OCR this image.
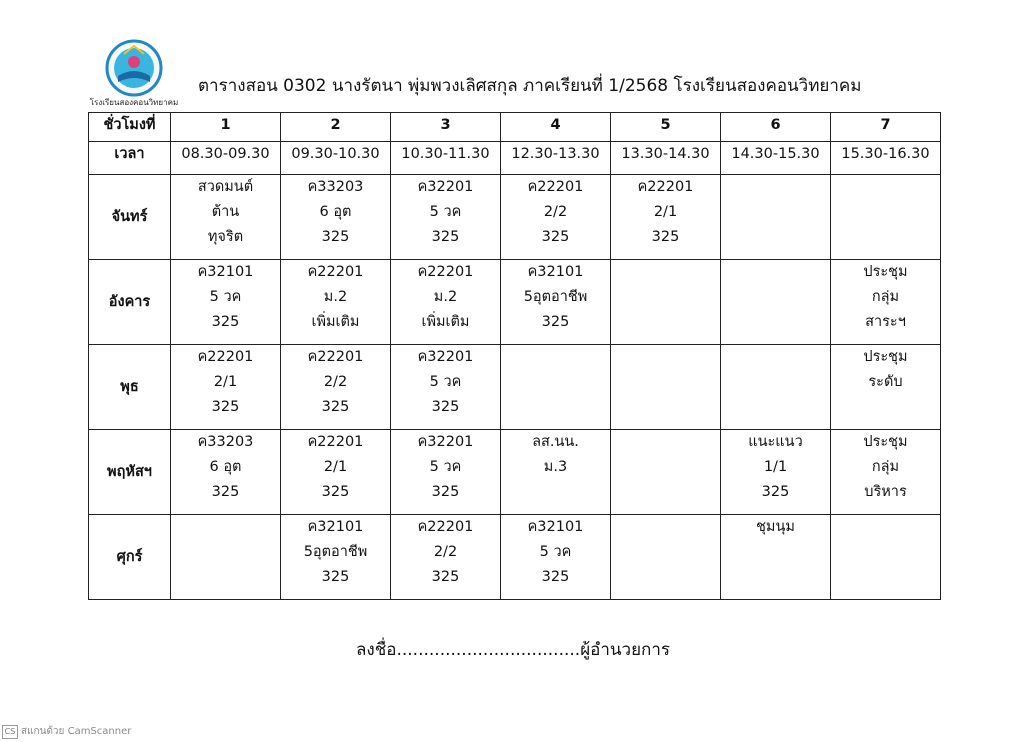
โรงเรียนสองคอนวิทยาคม
ตารางสอน 0302 นางรัตนา พุ่มพวงเลิศสกุล ภาคเรียนที่ 1/2568 โรงเรียนสองคอนวิทยาคม
ชั่วโมงที่	1	2	3	4	5	6	7
เวลา	08.30-09.30	09.30-10.30	10.30-11.30	12.30-13.30	13.30-14.30	14.30-15.30	15.30-16.30
จันทร์	สวดมนต์
ต้าน
ทุจริต	ค33203
6 อุต
325	ค32201
5 วค
325	ค22201
2/2
325	ค22201
2/1
325		

อังคาร	ค32101
5 วค
325	ค22201
ม.2
เพิ่มเติม	ค22201
ม.2
เพิ่มเติม	ค32101
5อุตอาชีพ
325			ประชุม
กลุ่ม
สาระฯ

พุธ	ค22201
2/1
325	ค22201
2/2
325	ค32201
5 วค
325				ประชุม
ระดับ

พฤหัสฯ	ค33203
6 อุต
325	ค22201
2/1
325	ค32201
5 วค
325	ลส.นน.
ม.3		แนะแนว
1/1
325	ประชุม
กลุ่ม
บริหาร

ศุกร์		ค32101
5อุตอาชีพ
325	ค22201
2/2
325	ค32101
5 วค
325		ชุมนุม	

ลงชื่อ..................................ผู้อำนวยการ
CS สแกนด้วย CamScanner
